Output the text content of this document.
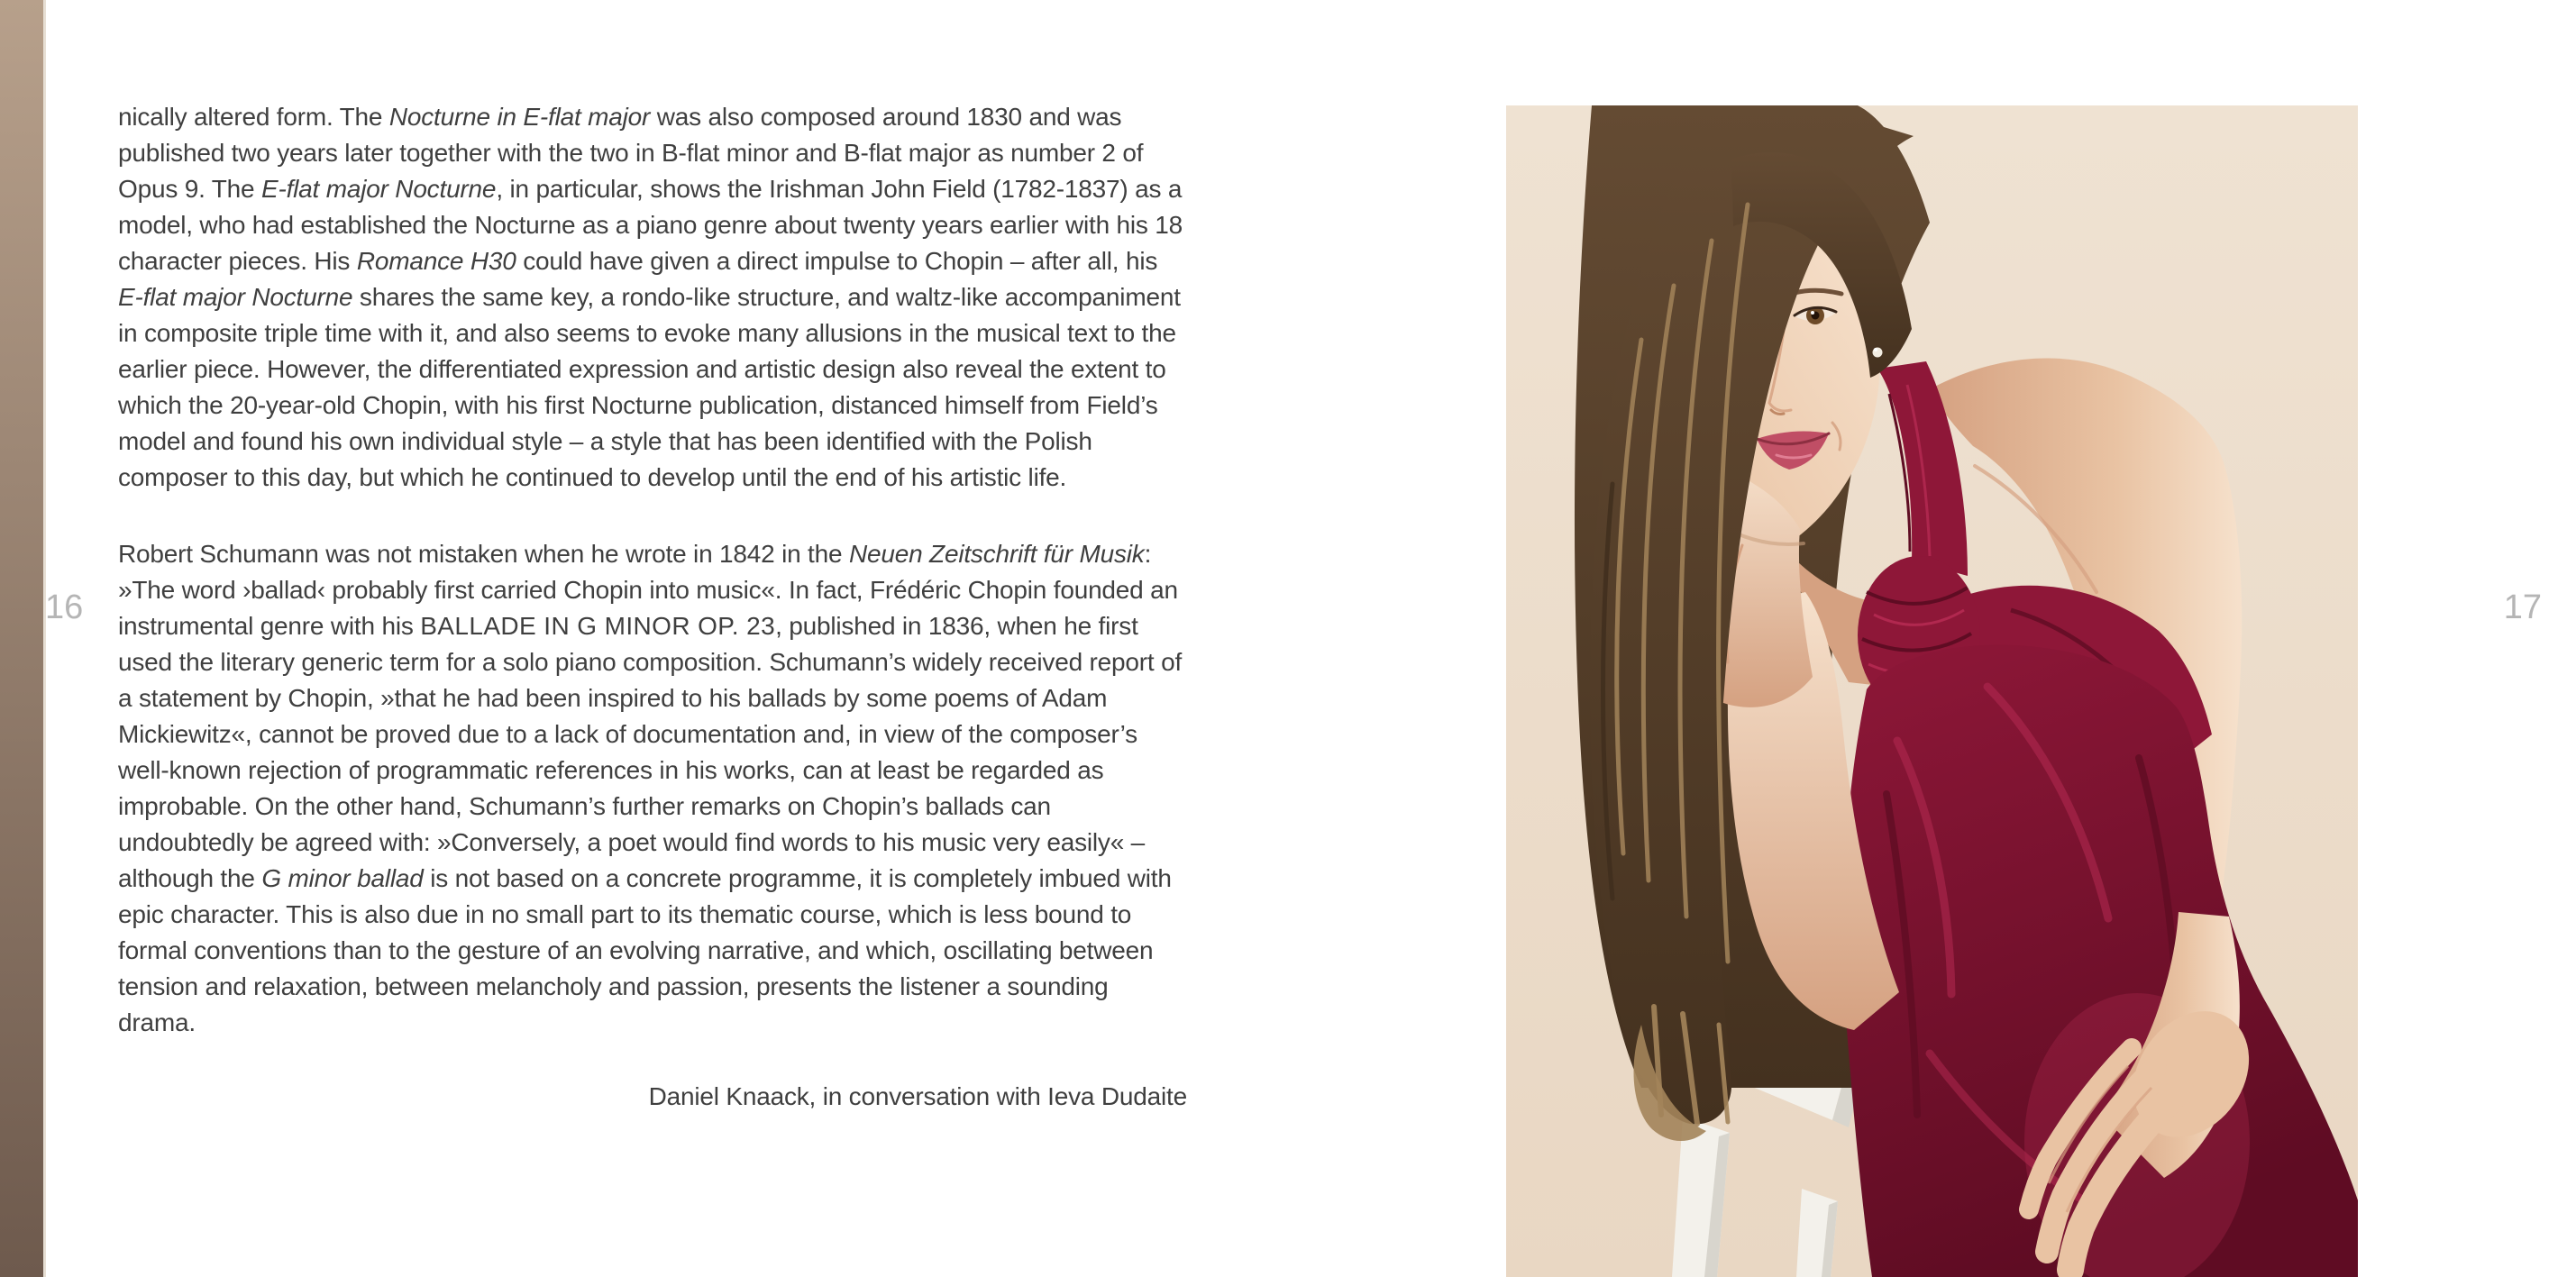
16

nically altered form. The Nocturne in E-flat major was also composed around 1830 and was published two years later together with the two in B-flat minor and B-flat major as number 2 of Opus 9. The E-flat major Nocturne, in particular, shows the Irishman John Field (1782-1837) as a model, who had established the Nocturne as a piano genre about twenty years earlier with his 18 character pieces. His Romance H30 could have given a direct impulse to Chopin – after all, his E-flat major Nocturne shares the same key, a rondo-like structure, and waltz-like accompaniment in composite triple time with it, and also seems to evoke many allusions in the musical text to the earlier piece. However, the differentiated expression and artistic design also reveal the extent to which the 20-year-old Chopin, with his first Nocturne publication, distanced himself from Field’s model and found his own individual style – a style that has been identified with the Polish composer to this day, but which he continued to develop until the end of his artistic life.

Robert Schumann was not mistaken when he wrote in 1842 in the Neuen Zeitschrift für Musik: »The word ›ballad‹ probably first carried Chopin into music«. In fact, Frédéric Chopin founded an instrumental genre with his BALLADE IN G MINOR OP. 23, published in 1836, when he first used the literary generic term for a solo piano composition. Schumann’s widely received report of a statement by Chopin, »that he had been inspired to his ballads by some poems of Adam Mickiewitz«, cannot be proved due to a lack of documentation and, in view of the composer’s well-known rejection of programmatic references in his works, can at least be regarded as improbable. On the other hand, Schumann’s further remarks on Chopin’s ballads can undoubtedly be agreed with: »Conversely, a poet would find words to his music very easily« – although the G minor ballad is not based on a concrete programme, it is completely imbued with epic character. This is also due in no small part to its thematic course, which is less bound to formal conventions than to the gesture of an evolving narrative, and which, oscillating between tension and relaxation, between melancholy and passion, presents the listener a sounding drama.

Daniel Knaack, in conversation with Ieva Dudaite

17
